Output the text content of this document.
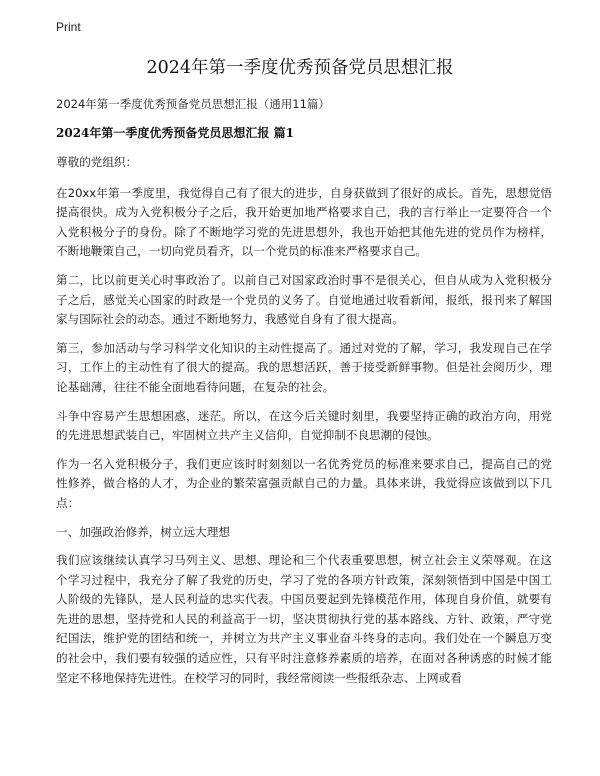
Print
2024年第一季度优秀预备党员思想汇报
2024年第一季度优秀预备党员思想汇报（通用11篇）
2024年第一季度优秀预备党员思想汇报 篇1

尊敬的党组织：

在20xx年第一季度里，我觉得自己有了很大的进步，自身获做到了很好的成长。首先，思想觉悟提高很快。成为入党积极分子之后，我开始更加地严格要求自己，我的言行举止一定要符合一个入党积极分子的身份。除了不断地学习党的先进思想外，我也开始把其他先进的党员作为榜样，不断地鞭策自己，一切向党员看齐，以一个党员的标准来严格要求自己。

第二，比以前更关心时事政治了。以前自己对国家政治时事不是很关心，但自从成为入党积极分子之后，感觉关心国家的时政是一个党员的义务了。自觉地通过收看新闻，报纸，报刊来了解国家与国际社会的动态。通过不断地努力，我感觉自身有了很大提高。

第三，参加活动与学习科学文化知识的主动性提高了。通过对党的了解，学习，我发现自己在学习，工作上的主动性有了很大的提高。我的思想活跃，善于接受新鲜事物。但是社会阅历少，理论基础薄，往往不能全面地看待问题，在复杂的社会。

斗争中容易产生思想困惑，迷茫。所以，在这今后关键时刻里，我要坚持正确的政治方向，用党的先进思想武装自己，牢固树立共产主义信仰，自觉抑制不良思潮的侵蚀。

作为一名入党积极分子，我们更应该时时刻刻以一名优秀党员的标准来要求自己，提高自己的党性修养，做合格的人才，为企业的繁荣富强贡献自己的力量。具体来讲，我觉得应该做到以下几点：

一、加强政治修养，树立远大理想

我们应该继续认真学习马列主义、思想、理论和三个代表重要思想，树立社会主义荣辱观。在这个学习过程中，我充分了解了我党的历史，学习了党的各项方针政策，深刻领悟到中国是中国工人阶级的先锋队，是人民利益的忠实代表。中国员要起到先锋模范作用，体现自身价值，就要有先进的思想，坚持党和人民的利益高于一切，坚决贯彻执行党的基本路线、方针、政策，严守党纪国法，维护党的团结和统一，并树立为共产主义事业奋斗终身的志向。我们处在一个瞬息万变的社会中，我们要有较强的适应性，只有平时注意修养素质的培养，在面对各种诱惑的时候才能坚定不移地保持先进性。在校学习的同时，我经常阅读一些报纸杂志、上网或看
